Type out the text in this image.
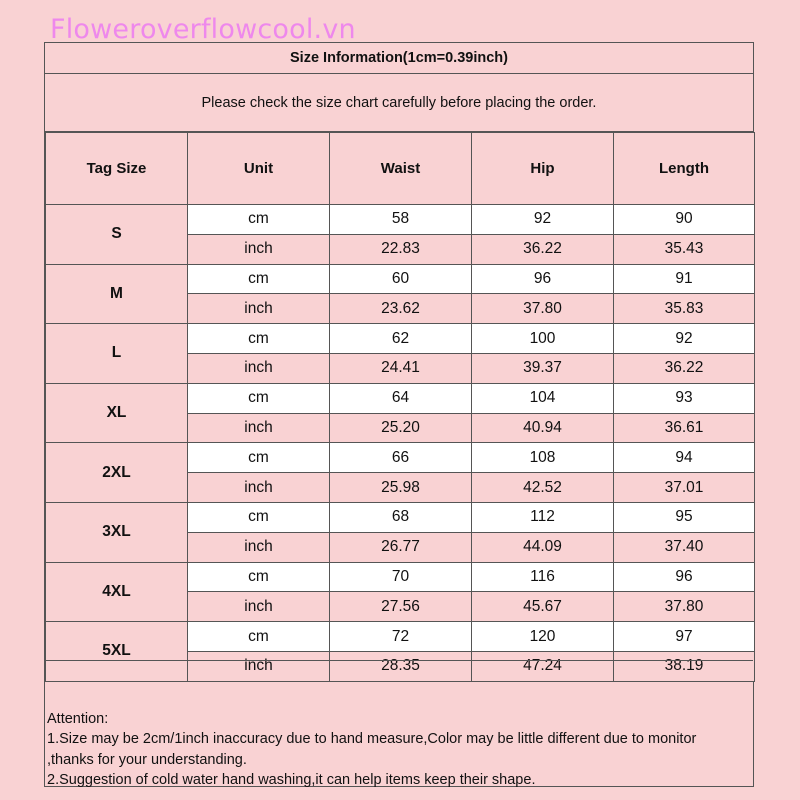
Floweroverflowcool.vn
Size Information(1cm=0.39inch)
Please check the size chart carefully before placing the order.
Tag Size	Unit	Waist	Hip	Length
S	cm	58	92	90
	inch	22.83	36.22	35.43
M	cm	60	96	91
	inch	23.62	37.80	35.83
L	cm	62	100	92
	inch	24.41	39.37	36.22
XL	cm	64	104	93
	inch	25.20	40.94	36.61
2XL	cm	66	108	94
	inch	25.98	42.52	37.01
3XL	cm	68	112	95
	inch	26.77	44.09	37.40
4XL	cm	70	116	96
	inch	27.56	45.67	37.80
5XL	cm	72	120	97
	inch	28.35	47.24	38.19
Attention:
1.Size may be 2cm/1inch inaccuracy due to hand measure,Color may be little different due to monitor
,thanks for your understanding.
2.Suggestion of cold water hand washing,it can help items keep their shape.
